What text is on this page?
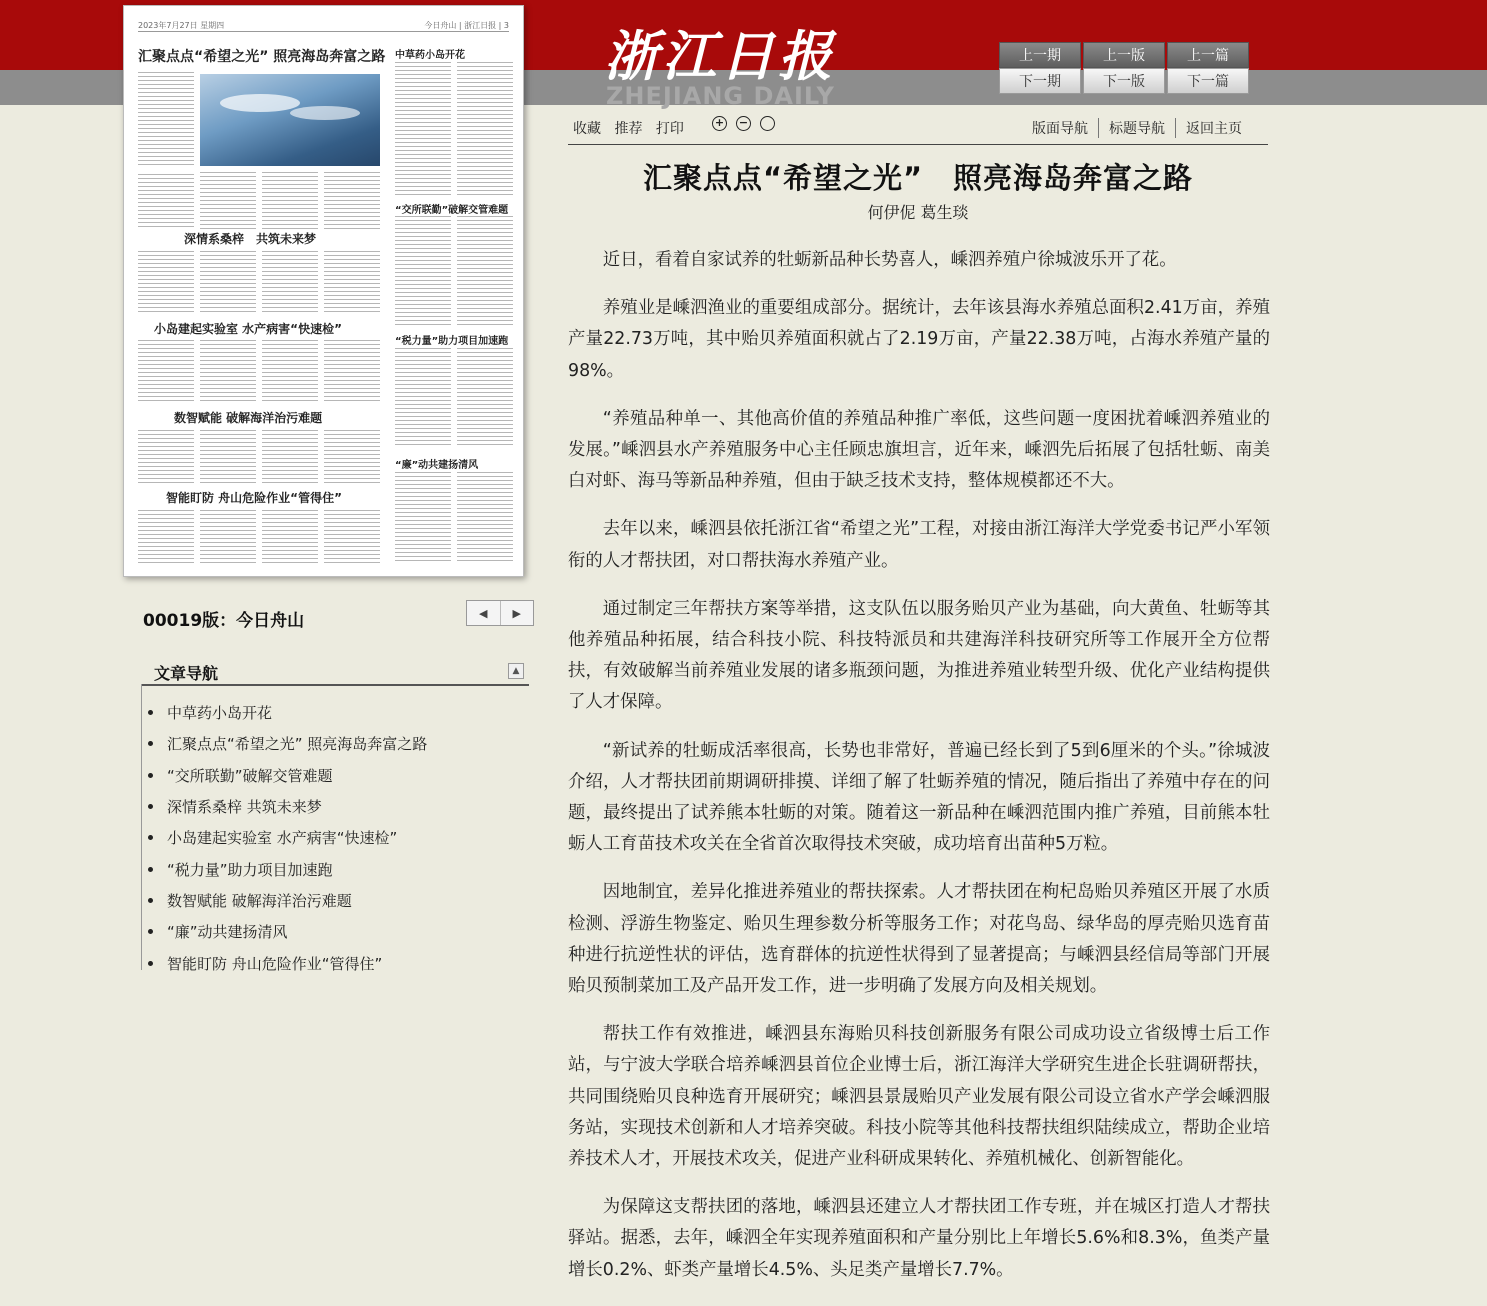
浙江日报
ZHEJIANG DAILY
上一期	上一版	上一篇
下一期	下一版	下一篇
2023年7月27日 星期四	今日舟山 | 浙江日报 | 3
汇聚点点“希望之光” 照亮海岛奔富之路 中草药小岛开花
“交所联勤”破解交管难题
深情系桑梓　共筑未来梦
“税力量”助力项目加速跑
小岛建起实验室 水产病害“快速检”
数智赋能 破解海洋治污难题
“廉”动共建扬清风
智能盯防 舟山危险作业“管得住”
00019版：今日舟山	◀	▶
文章导航	▲
中草药小岛开花
汇聚点点“希望之光” 照亮海岛奔富之路
“交所联勤”破解交管难题
深情系桑梓 共筑未来梦
小岛建起实验室 水产病害“快速检”
“税力量”助力项目加速跑
数智赋能 破解海洋治污难题
“廉”动共建扬清风
智能盯防 舟山危险作业“管得住”
收藏 推荐 打印	+ −	版面导航	标题导航	返回主页
汇聚点点“希望之光”　照亮海岛奔富之路
何伊伲 葛生琰

近日，看着自家试养的牡蛎新品种长势喜人，嵊泗养殖户徐城波乐开了花。

养殖业是嵊泗渔业的重要组成部分。据统计，去年该县海水养殖总面积2.41万亩，养殖产量22.73万吨，其中贻贝养殖面积就占了2.19万亩，产量22.38万吨，占海水养殖产量的98%。

“养殖品种单一、其他高价值的养殖品种推广率低，这些问题一度困扰着嵊泗养殖业的发展。”嵊泗县水产养殖服务中心主任顾忠旗坦言，近年来，嵊泗先后拓展了包括牡蛎、南美白对虾、海马等新品种养殖，但由于缺乏技术支持，整体规模都还不大。

去年以来，嵊泗县依托浙江省“希望之光”工程，对接由浙江海洋大学党委书记严小军领衔的人才帮扶团，对口帮扶海水养殖产业。

通过制定三年帮扶方案等举措，这支队伍以服务贻贝产业为基础，向大黄鱼、牡蛎等其他养殖品种拓展，结合科技小院、科技特派员和共建海洋科技研究所等工作展开全方位帮扶，有效破解当前养殖业发展的诸多瓶颈问题，为推进养殖业转型升级、优化产业结构提供了人才保障。

“新试养的牡蛎成活率很高，长势也非常好，普遍已经长到了5到6厘米的个头。”徐城波介绍，人才帮扶团前期调研排摸、详细了解了牡蛎养殖的情况，随后指出了养殖中存在的问题，最终提出了试养熊本牡蛎的对策。随着这一新品种在嵊泗范围内推广养殖，目前熊本牡蛎人工育苗技术攻关在全省首次取得技术突破，成功培育出苗种5万粒。

因地制宜，差异化推进养殖业的帮扶探索。人才帮扶团在枸杞岛贻贝养殖区开展了水质检测、浮游生物鉴定、贻贝生理参数分析等服务工作；对花鸟岛、绿华岛的厚壳贻贝选育苗种进行抗逆性状的评估，选育群体的抗逆性状得到了显著提高；与嵊泗县经信局等部门开展贻贝预制菜加工及产品开发工作，进一步明确了发展方向及相关规划。

帮扶工作有效推进，嵊泗县东海贻贝科技创新服务有限公司成功设立省级博士后工作站，与宁波大学联合培养嵊泗县首位企业博士后，浙江海洋大学研究生进企长驻调研帮扶，共同围绕贻贝良种选育开展研究；嵊泗县景晟贻贝产业发展有限公司设立省水产学会嵊泗服务站，实现技术创新和人才培养突破。科技小院等其他科技帮扶组织陆续成立，帮助企业培养技术人才，开展技术攻关，促进产业科研成果转化、养殖机械化、创新智能化。

为保障这支帮扶团的落地，嵊泗县还建立人才帮扶团工作专班，并在城区打造人才帮扶驿站。据悉，去年，嵊泗全年实现养殖面积和产量分别比上年增长5.6%和8.3%，鱼类产量增长0.2%、虾类产量增长4.5%、头足类产量增长7.7%。
